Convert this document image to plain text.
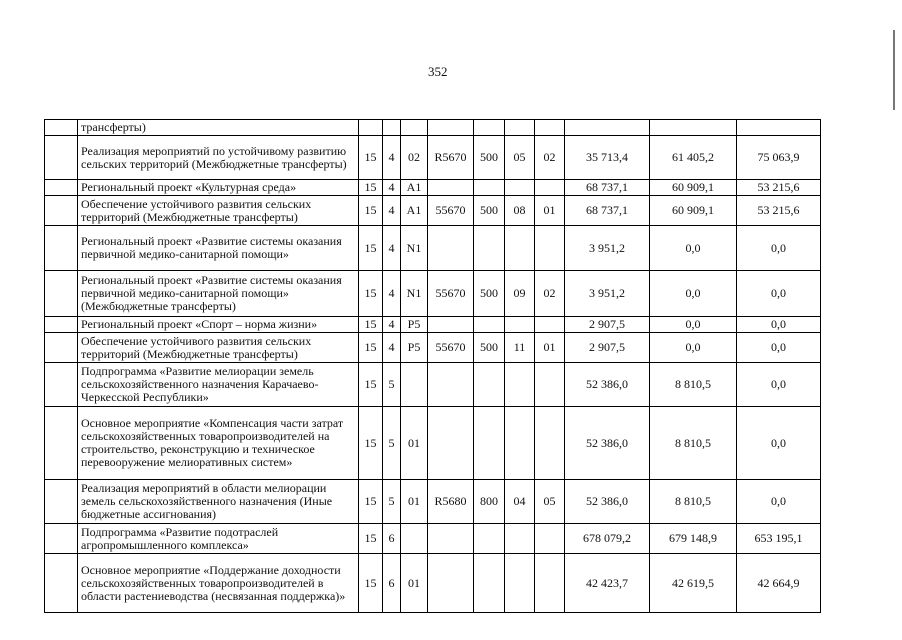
352
	трансферты)										
	Реализация мероприятий по устойчивому развитию сельских территорий (Межбюджетные трансферты)	15	4	02	R5670	500	05	02	35 713,4	61 405,2	75 063,9
	Региональный проект «Культурная среда»	15	4	A1					68 737,1	60 909,1	53 215,6
	Обеспечение устойчивого развития сельских территорий (Межбюджетные трансферты)	15	4	A1	55670	500	08	01	68 737,1	60 909,1	53 215,6
	Региональный проект «Развитие системы оказания первичной медико-санитарной помощи»	15	4	N1					3 951,2	0,0	0,0
	Региональный проект «Развитие системы оказания первичной медико-санитарной помощи» (Межбюджетные трансферты)	15	4	N1	55670	500	09	02	3 951,2	0,0	0,0
	Региональный проект «Спорт – норма жизни»	15	4	P5					2 907,5	0,0	0,0
	Обеспечение устойчивого развития сельских территорий (Межбюджетные трансферты)	15	4	P5	55670	500	11	01	2 907,5	0,0	0,0
	Подпрограмма «Развитие мелиорации земель сельскохозяйственного назначения Карачаево-Черкесской Республики»	15	5						52 386,0	8 810,5	0,0
	Основное мероприятие «Компенсация части затрат сельскохозяйственных товаропроизводителей на строительство, реконструкцию и техническое перевооружение мелиоративных систем»	15	5	01					52 386,0	8 810,5	0,0
	Реализация мероприятий в области мелиорации земель сельскохозяйственного назначения (Иные бюджетные ассигнования)	15	5	01	R5680	800	04	05	52 386,0	8 810,5	0,0
	Подпрограмма «Развитие подотраслей агропромышленного комплекса»	15	6						678 079,2	679 148,9	653 195,1
	Основное мероприятие «Поддержание доходности сельскохозяйственных товаропроизводителей в области растениеводства (несвязанная поддержка)»	15	6	01					42 423,7	42 619,5	42 664,9
